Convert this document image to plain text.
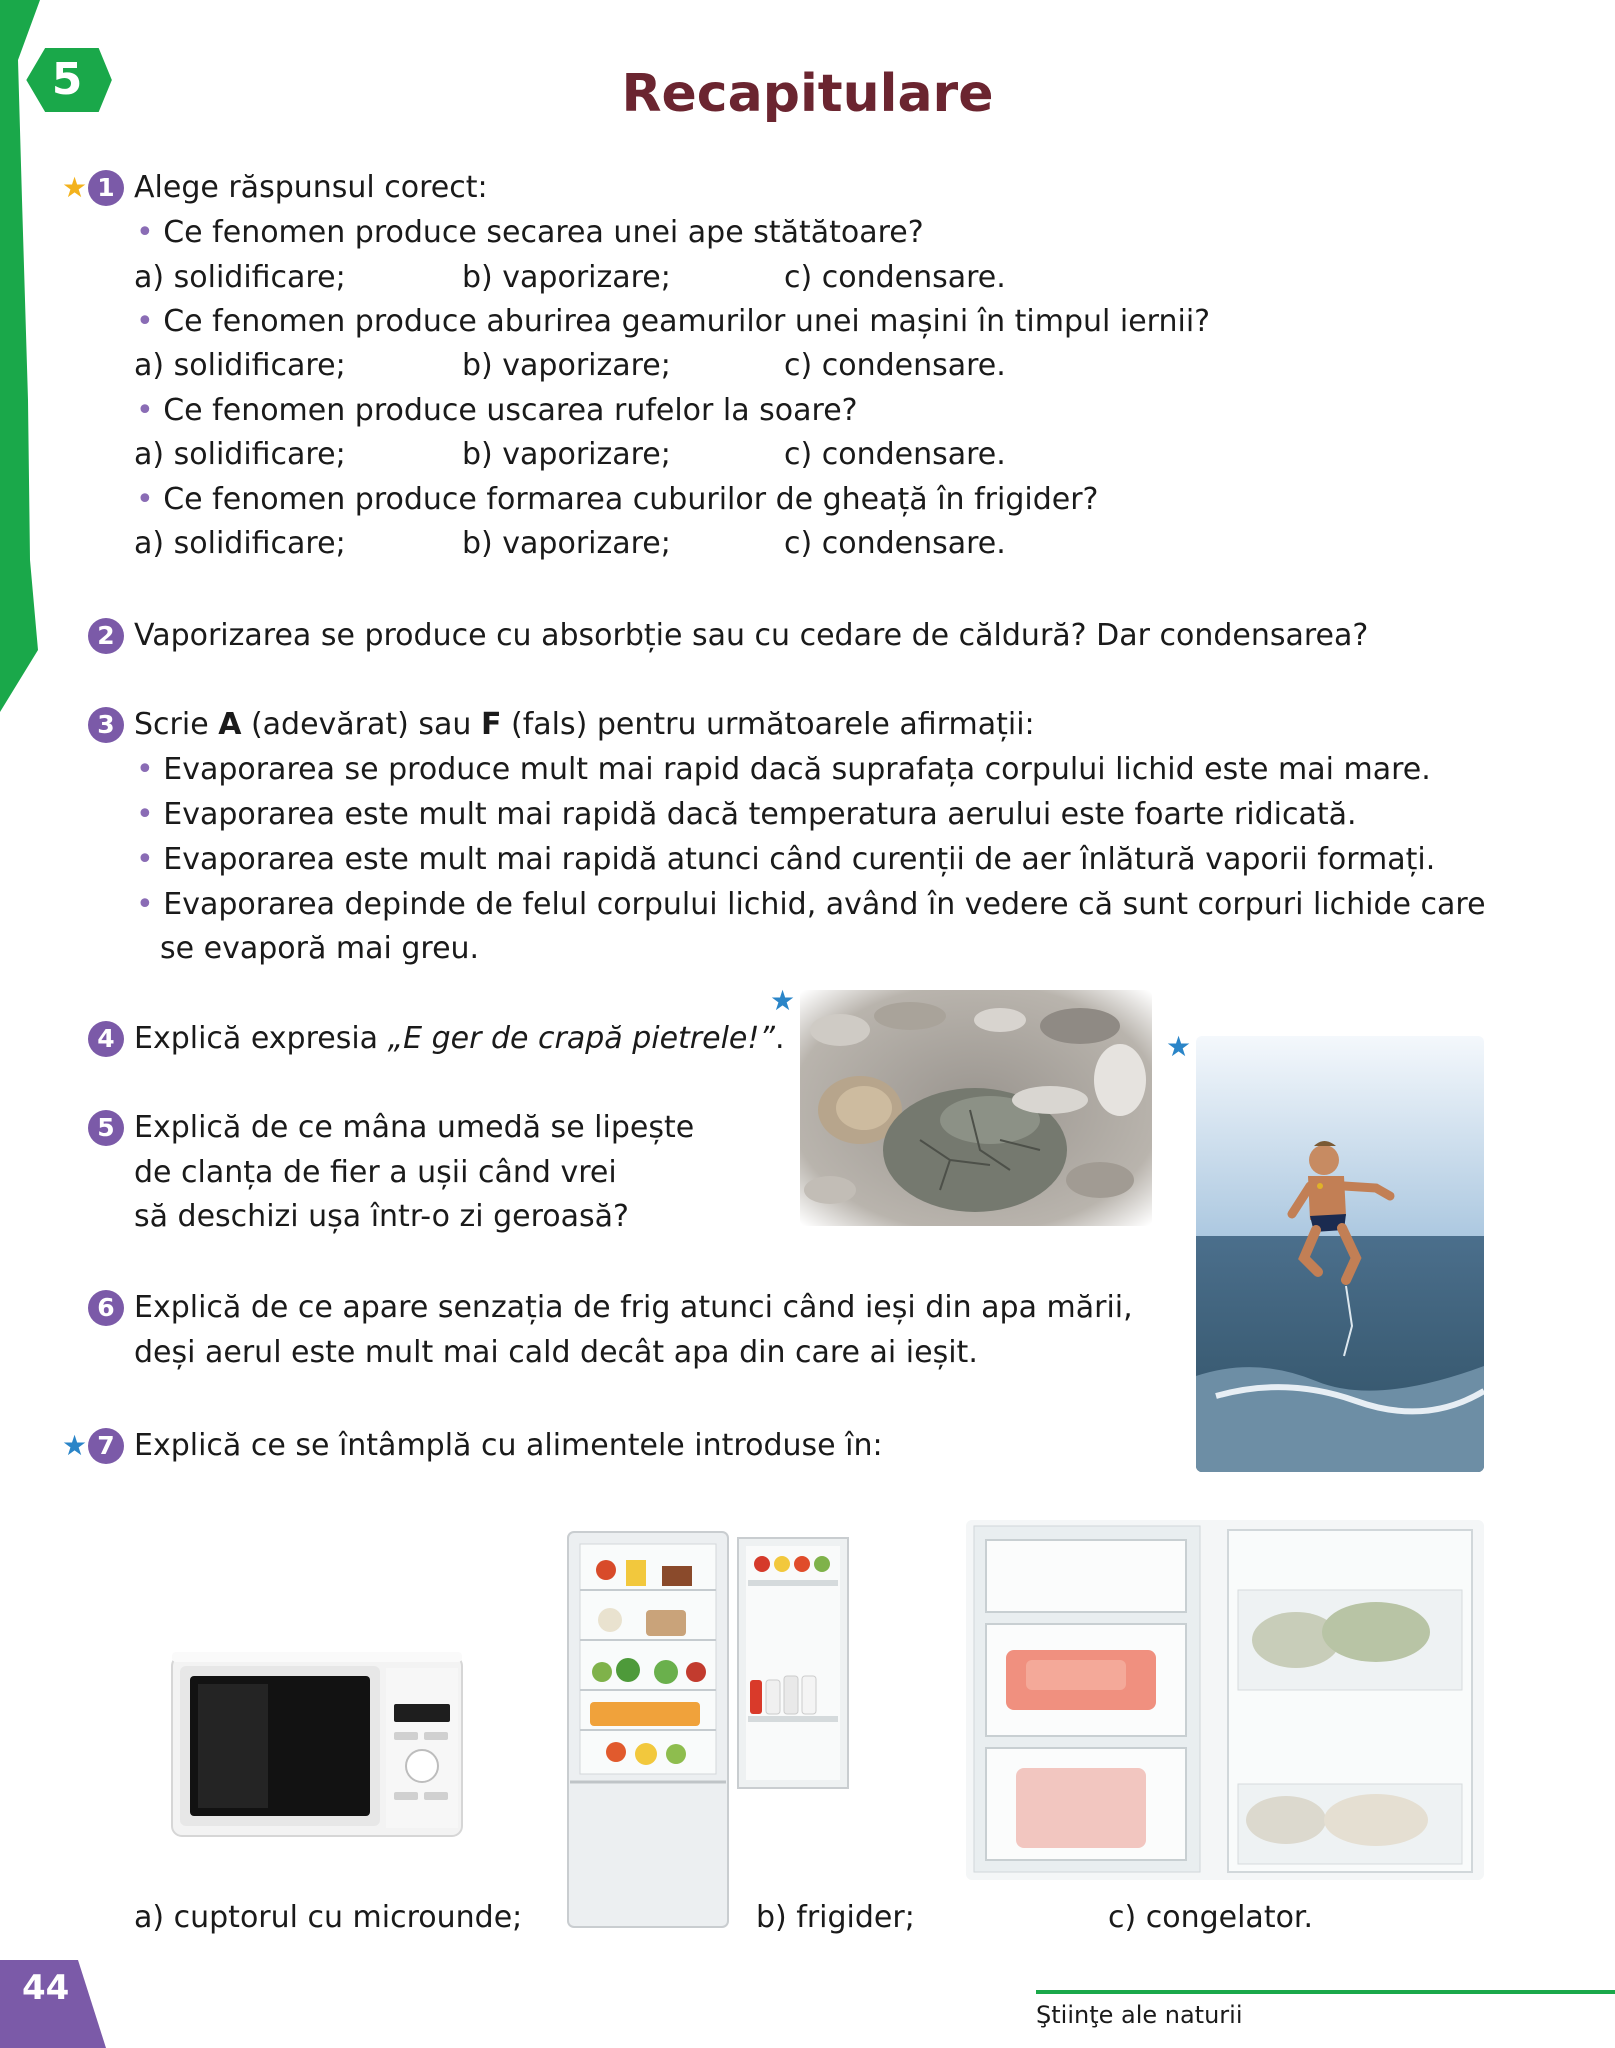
5	Recapitulare
★ 1 Alege răspunsul corect:
• Ce fenomen produce secarea unei ape stătătoare?
a) solidificare;	b) vaporizare;	c) condensare.
• Ce fenomen produce aburirea geamurilor unei mașini în timpul iernii?
a) solidificare;	b) vaporizare;	c) condensare.
• Ce fenomen produce uscarea rufelor la soare?
a) solidificare;	b) vaporizare;	c) condensare.
• Ce fenomen produce formarea cuburilor de gheață în frigider?
a) solidificare;	b) vaporizare;	c) condensare.
2 Vaporizarea se produce cu absorbție sau cu cedare de căldură? Dar condensarea?
3 Scrie A (adevărat) sau F (fals) pentru următoarele afirmații:
• Evaporarea se produce mult mai rapid dacă suprafața corpului lichid este mai mare.
• Evaporarea este mult mai rapidă dacă temperatura aerului este foarte ridicată.
• Evaporarea este mult mai rapidă atunci când curenții de aer înlătură vaporii formați.
• Evaporarea depinde de felul corpului lichid, având în vedere că sunt corpuri lichide care
se evaporă mai greu.
4 Explică expresia „E ger de crapă pietrele!”.
★
5 Explică de ce mâna umedă se lipește
de clanța de fier a ușii când vrei
să deschizi ușa într-o zi geroasă?
★
6 Explică de ce apare senzația de frig atunci când ieși din apa mării,
deși aerul este mult mai cald decât apa din care ai ieșit.
★ 7 Explică ce se întâmplă cu alimentele introduse în:
a) cuptorul cu microunde;	b) frigider;	c) congelator.
44
Ştiinţe ale naturii
